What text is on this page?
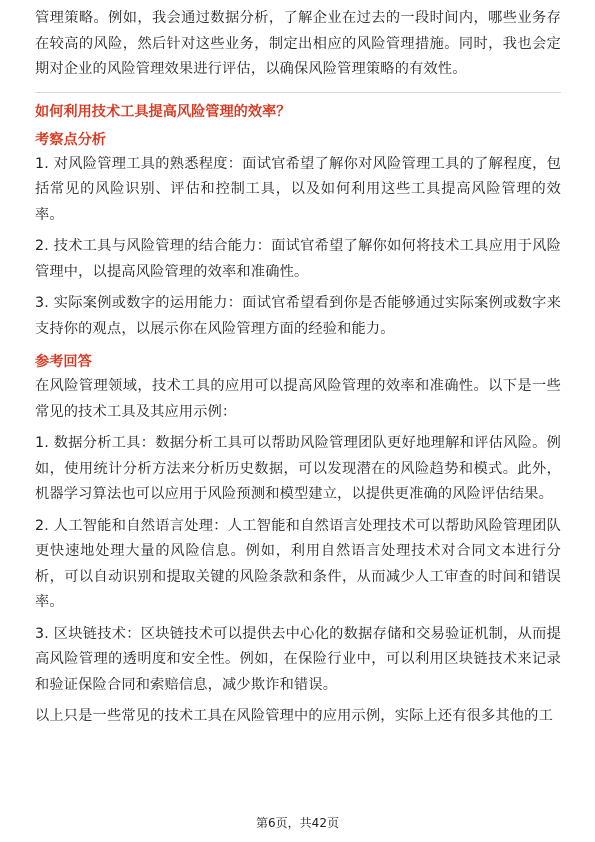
管理策略。例如，我会通过数据分析，了解企业在过去的一段时间内，哪些业务存在较高的风险，然后针对这些业务，制定出相应的风险管理措施。同时，我也会定期对企业的风险管理效果进行评估，以确保风险管理策略的有效性。

如何利用技术工具提高风险管理的效率？

考察点分析

1. 对风险管理工具的熟悉程度：面试官希望了解你对风险管理工具的了解程度，包括常见的风险识别、评估和控制工具，以及如何利用这些工具提高风险管理的效率。

2. 技术工具与风险管理的结合能力：面试官希望了解你如何将技术工具应用于风险管理中，以提高风险管理的效率和准确性。

3. 实际案例或数字的运用能力：面试官希望看到你是否能够通过实际案例或数字来支持你的观点，以展示你在风险管理方面的经验和能力。

参考回答

在风险管理领域，技术工具的应用可以提高风险管理的效率和准确性。以下是一些常见的技术工具及其应用示例：

1. 数据分析工具：数据分析工具可以帮助风险管理团队更好地理解和评估风险。例如，使用统计分析方法来分析历史数据，可以发现潜在的风险趋势和模式。此外，机器学习算法也可以应用于风险预测和模型建立，以提供更准确的风险评估结果。

2. 人工智能和自然语言处理：人工智能和自然语言处理技术可以帮助风险管理团队更快速地处理大量的风险信息。例如，利用自然语言处理技术对合同文本进行分析，可以自动识别和提取关键的风险条款和条件，从而减少人工审查的时间和错误率。

3. 区块链技术：区块链技术可以提供去中心化的数据存储和交易验证机制，从而提高风险管理的透明度和安全性。例如，在保险行业中，可以利用区块链技术来记录和验证保险合同和索赔信息，减少欺诈和错误。

以上只是一些常见的技术工具在风险管理中的应用示例，实际上还有很多其他的工

第6页，共42页
